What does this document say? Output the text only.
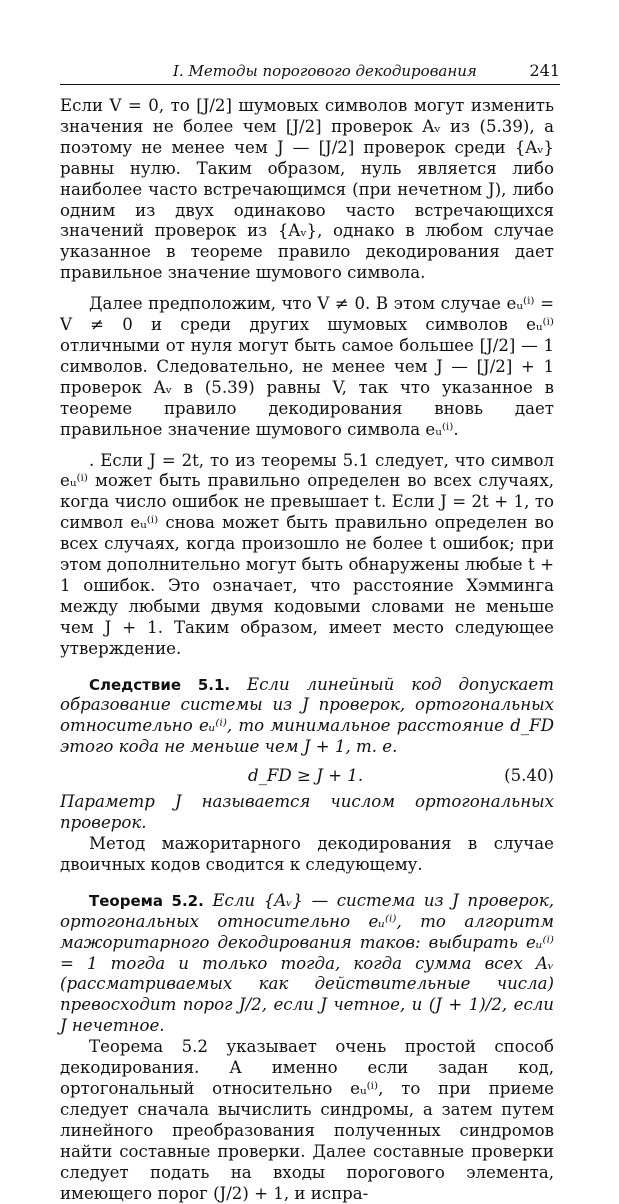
I. Методы порогового декодирования	241

Если V = 0, то [J/2] шумовых символов могут изменить значения не более чем [J/2] проверок Aᵥ из (5.39), а поэтому не менее чем J — [J/2] проверок среди {Aᵥ} равны нулю. Таким образом, нуль является либо наиболее часто встречающимся (при нечетном J), либо одним из двух одинаково часто встречающихся значений проверок из {Aᵥ}, однако в любом случае указанное в теореме правило декодирования дает правильное значение шумового символа.

Далее предположим, что V ≠ 0. В этом случае eᵤ⁽ⁱ⁾ = V ≠ 0 и среди других шумовых символов eᵤ⁽ⁱ⁾ отличными от нуля могут быть самое большее [J/2] — 1 символов. Следовательно, не менее чем J — [J/2] + 1 проверок Aᵥ в (5.39) равны V, так что указанное в теореме правило декодирования вновь дает правильное значение шумового символа eᵤ⁽ⁱ⁾.

. Если J = 2t, то из теоремы 5.1 следует, что символ eᵤ⁽ⁱ⁾ может быть правильно определен во всех случаях, когда число ошибок не превышает t. Если J = 2t + 1, то символ eᵤ⁽ⁱ⁾ снова может быть правильно определен во всех случаях, когда произошло не более t ошибок; при этом дополнительно могут быть обнаружены любые t + 1 ошибок. Это означает, что расстояние Хэмминга между любыми двумя кодовыми словами не меньше чем J + 1. Таким образом, имеет место следующее утверждение.

Следствие 5.1. Если линейный код допускает образование системы из J проверок, ортогональных относительно eᵤ⁽ⁱ⁾, то минимальное расстояние d_FD этого кода не меньше чем J + 1, т. е.

d_FD ≥ J + 1.	(5.40)

Параметр J называется числом ортогональных проверок.

Метод мажоритарного декодирования в случае двоичных кодов сводится к следующему.

Теорема 5.2. Если {Aᵥ} — система из J проверок, ортогональных относительно eᵤ⁽ⁱ⁾, то алгоритм мажоритарного декодирования таков: выбирать eᵤ⁽ⁱ⁾ = 1 тогда и только тогда, когда сумма всех Aᵥ (рассматриваемых как действительные числа) превосходит порог J/2, если J четное, и (J + 1)/2, если J нечетное.

Теорема 5.2 указывает очень простой способ декодирования. А именно если задан код, ортогональный относительно eᵤ⁽ⁱ⁾, то при приеме следует сначала вычислить синдромы, а затем путем линейного преобразования полученных синдромов найти составные проверки. Далее составные проверки следует подать на входы порогового элемента, имеющего порог (J/2) + 1, и испра-
